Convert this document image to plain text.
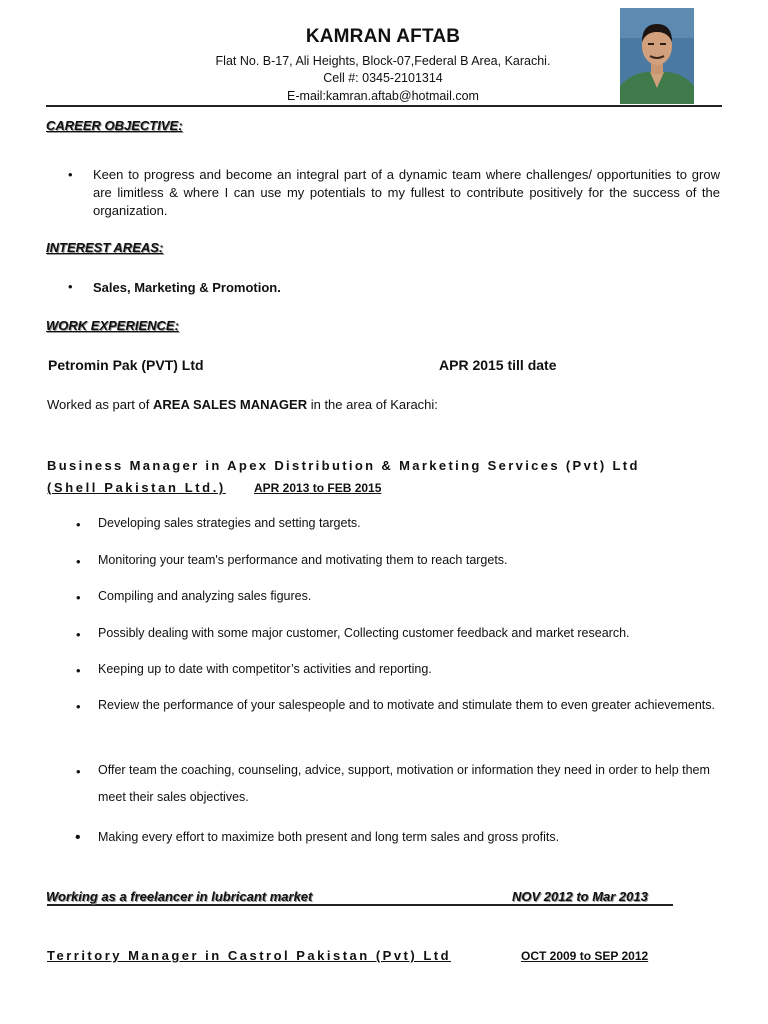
KAMRAN AFTAB
Flat No. B-17, Ali Heights, Block-07,Federal B Area, Karachi.
Cell #: 0345-2101314
E-mail:kamran.aftab@hotmail.com
CAREER OBJECTIVE:
• Keen to progress and become an integral part of a dynamic team where challenges/ opportunities to grow are limitless & where I can use my potentials to my fullest to contribute positively for the success of the organization.
INTEREST AREAS:
• Sales, Marketing & Promotion.
WORK EXPERIENCE:
Petromin Pak (PVT) Ltd	APR 2015 till date
Worked as part of AREA SALES MANAGER in the area of Karachi:
Business Manager in Apex Distribution & Marketing Services (Pvt) Ltd
(Shell Pakistan Ltd.) APR 2013 to FEB 2015
• Developing sales strategies and setting targets.
• Monitoring your team's performance and motivating them to reach targets.
• Compiling and analyzing sales figures.
• Possibly dealing with some major customer, Collecting customer feedback and market research.
• Keeping up to date with competitor’s activities and reporting.
• Review the performance of your salespeople and to motivate and stimulate them to even greater achievements.
• Offer team the coaching, counseling, advice, support, motivation or information they need in order to help them meet their sales objectives.
• Making every effort to maximize both present and long term sales and gross profits.
Working as a freelancer in lubricant market	NOV 2012 to Mar 2013
Territory Manager in Castrol Pakistan (Pvt) Ltd	OCT 2009 to SEP 2012
